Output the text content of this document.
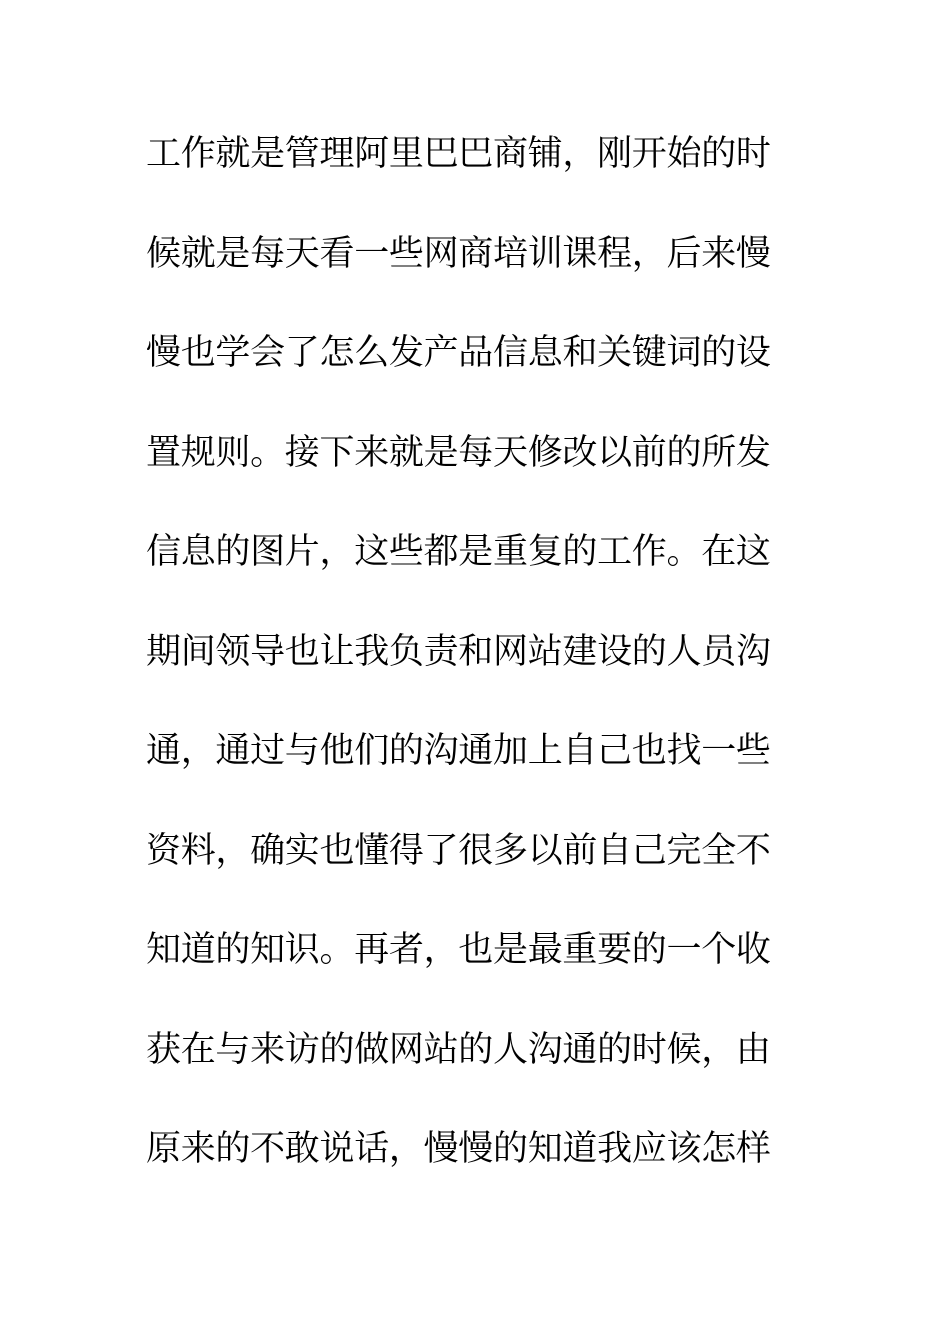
工作就是管理阿里巴巴商铺，刚开始的时
候就是每天看一些网商培训课程，后来慢
慢也学会了怎么发产品信息和关键词的设
置规则。接下来就是每天修改以前的所发
信息的图片，这些都是重复的工作。在这
期间领导也让我负责和网站建设的人员沟
通，通过与他们的沟通加上自己也找一些
资料，确实也懂得了很多以前自己完全不
知道的知识。再者，也是最重要的一个收
获在与来访的做网站的人沟通的时候，由
原来的不敢说话，慢慢的知道我应该怎样
